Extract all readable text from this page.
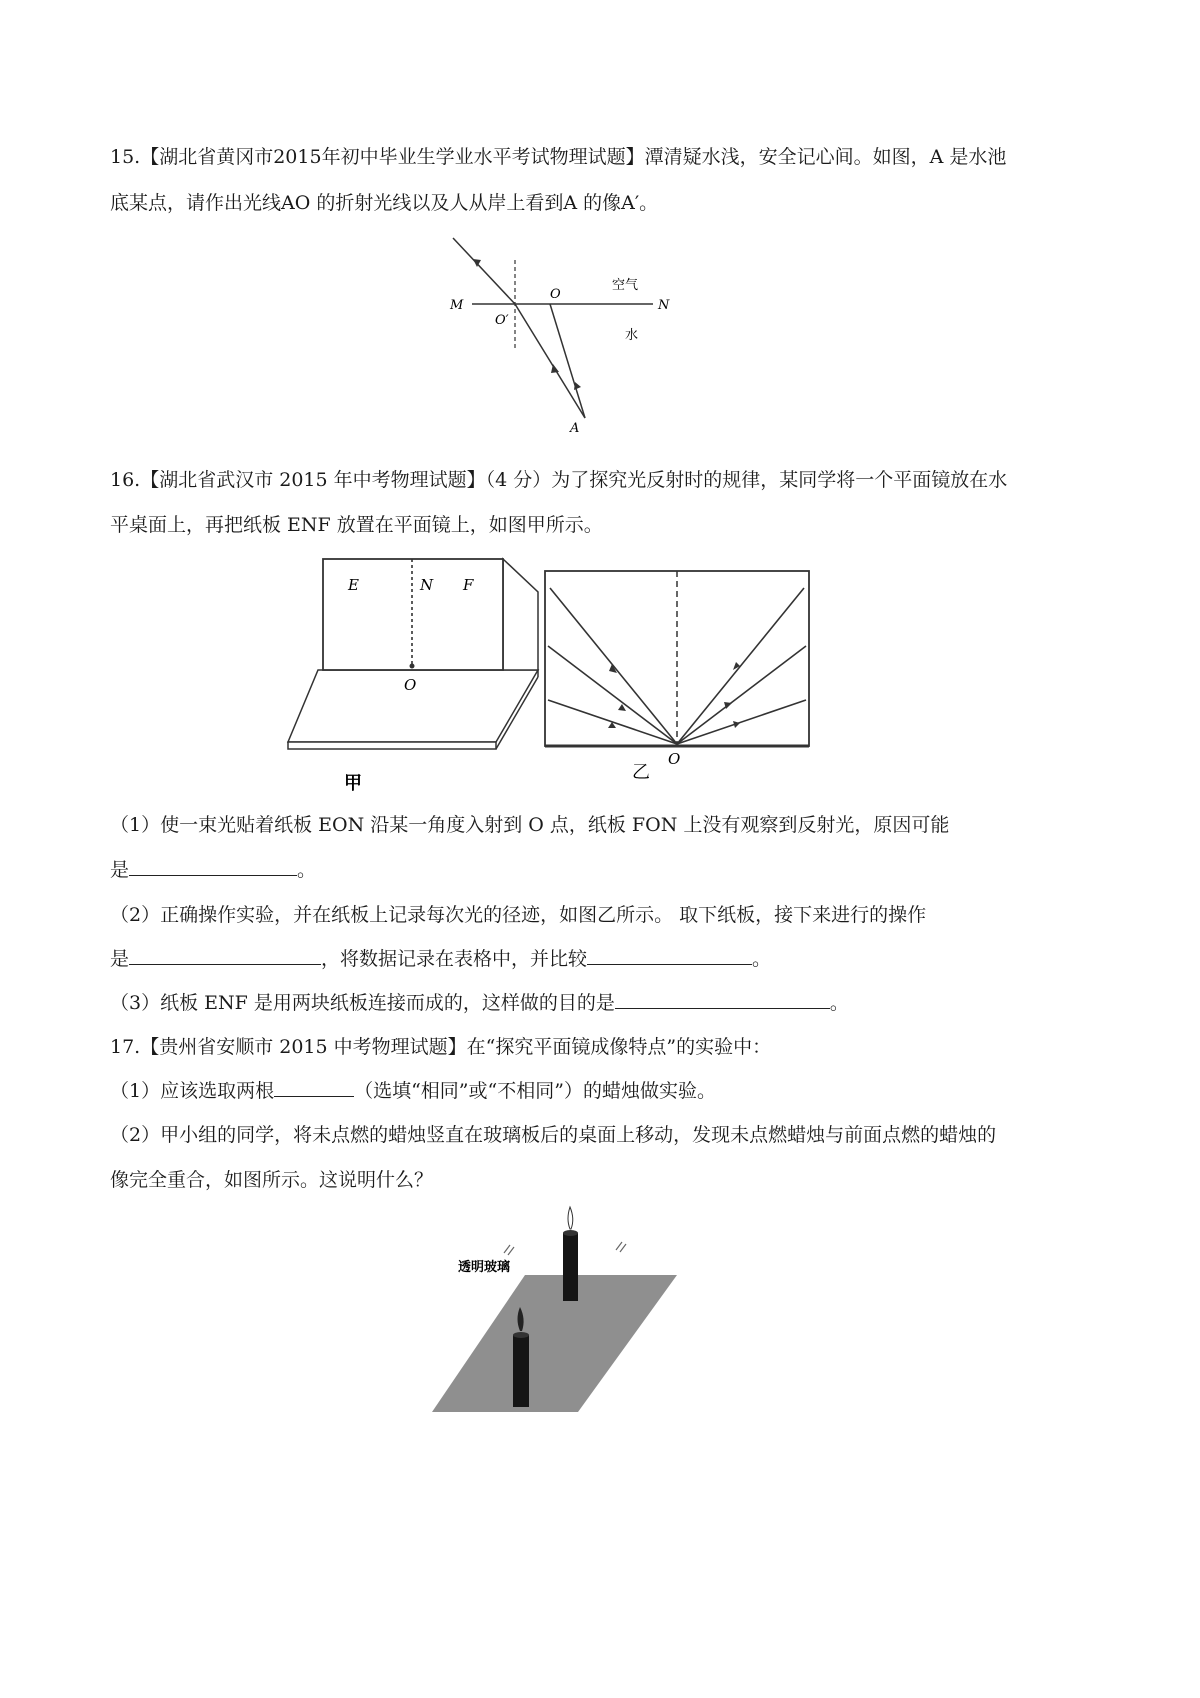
15.【湖北省黄冈市2015年初中毕业生学业水平考试物理试题】潭清疑水浅，安全记心间。如图，A 是水池
底某点，请作出光线AO 的折射光线以及人从岸上看到A 的像A′。
M
O
O′
N
A
空气
水
16.【湖北省武汉市 2015 年中考物理试题】（4 分）为了探究光反射时的规律，某同学将一个平面镜放在水
平桌面上，再把纸板 ENF 放置在平面镜上，如图甲所示。
E	N F
O
甲
O
乙
（1）使一束光贴着纸板 EON 沿某一角度入射到 O 点，纸板 FON 上没有观察到反射光，原因可能
是	。
（2）正确操作实验，并在纸板上记录每次光的径迹，如图乙所示。 取下纸板，接下来进行的操作
是	，将数据记录在表格中，并比较	。
（3）纸板 ENF 是用两块纸板连接而成的，这样做的目的是	。
17.【贵州省安顺市 2015 中考物理试题】在“探究平面镜成像特点”的实验中：
（1）应该选取两根	（选填“相同”或“不相同”）的蜡烛做实验。
（2）甲小组的同学，将未点燃的蜡烛竖直在玻璃板后的桌面上移动，发现未点燃蜡烛与前面点燃的蜡烛的
像完全重合，如图所示。这说明什么？
透明玻璃
